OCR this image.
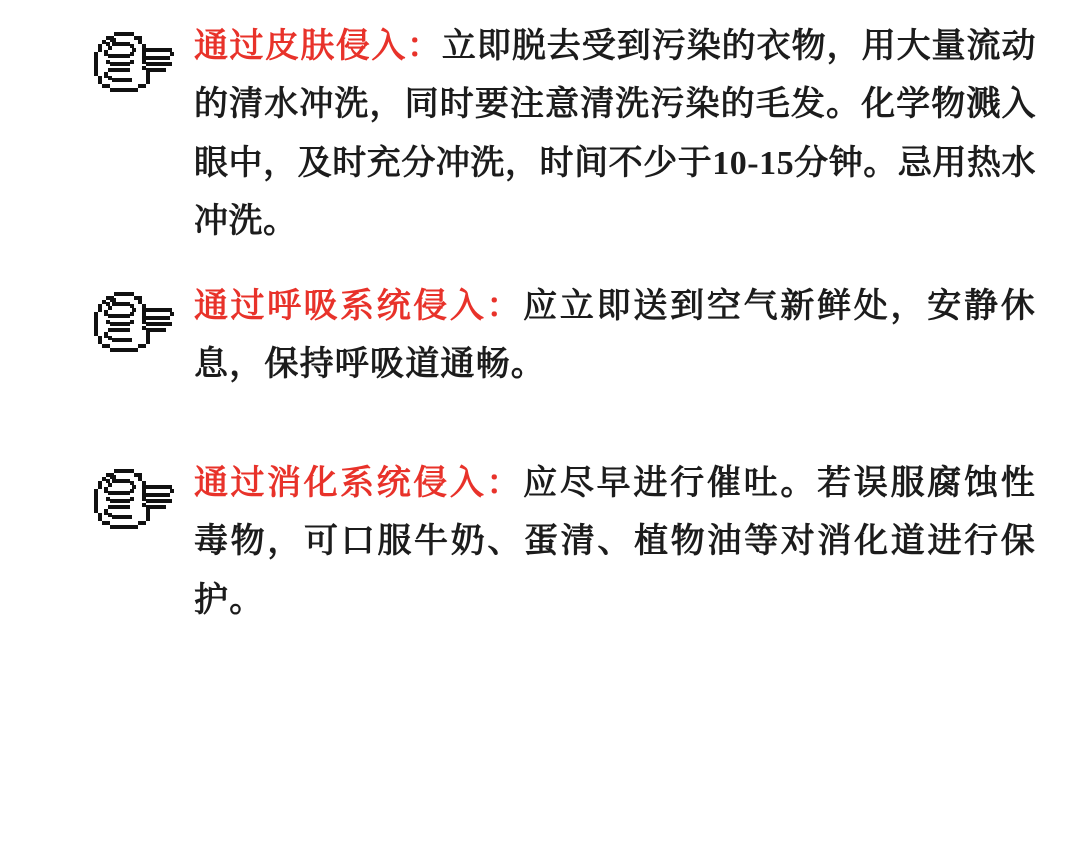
通过皮肤侵入：立即脱去受到污染的衣物，用大量流动的清水冲洗，同时要注意清洗污染的毛发。化学物溅入眼中，及时充分冲洗，时间不少于10-15分钟。忌用热水冲洗。

通过呼吸系统侵入：应立即送到空气新鲜处，安静休息，保持呼吸道通畅。

通过消化系统侵入：应尽早进行催吐。若误服腐蚀性毒物，可口服牛奶、蛋清、植物油等对消化道进行保护。
